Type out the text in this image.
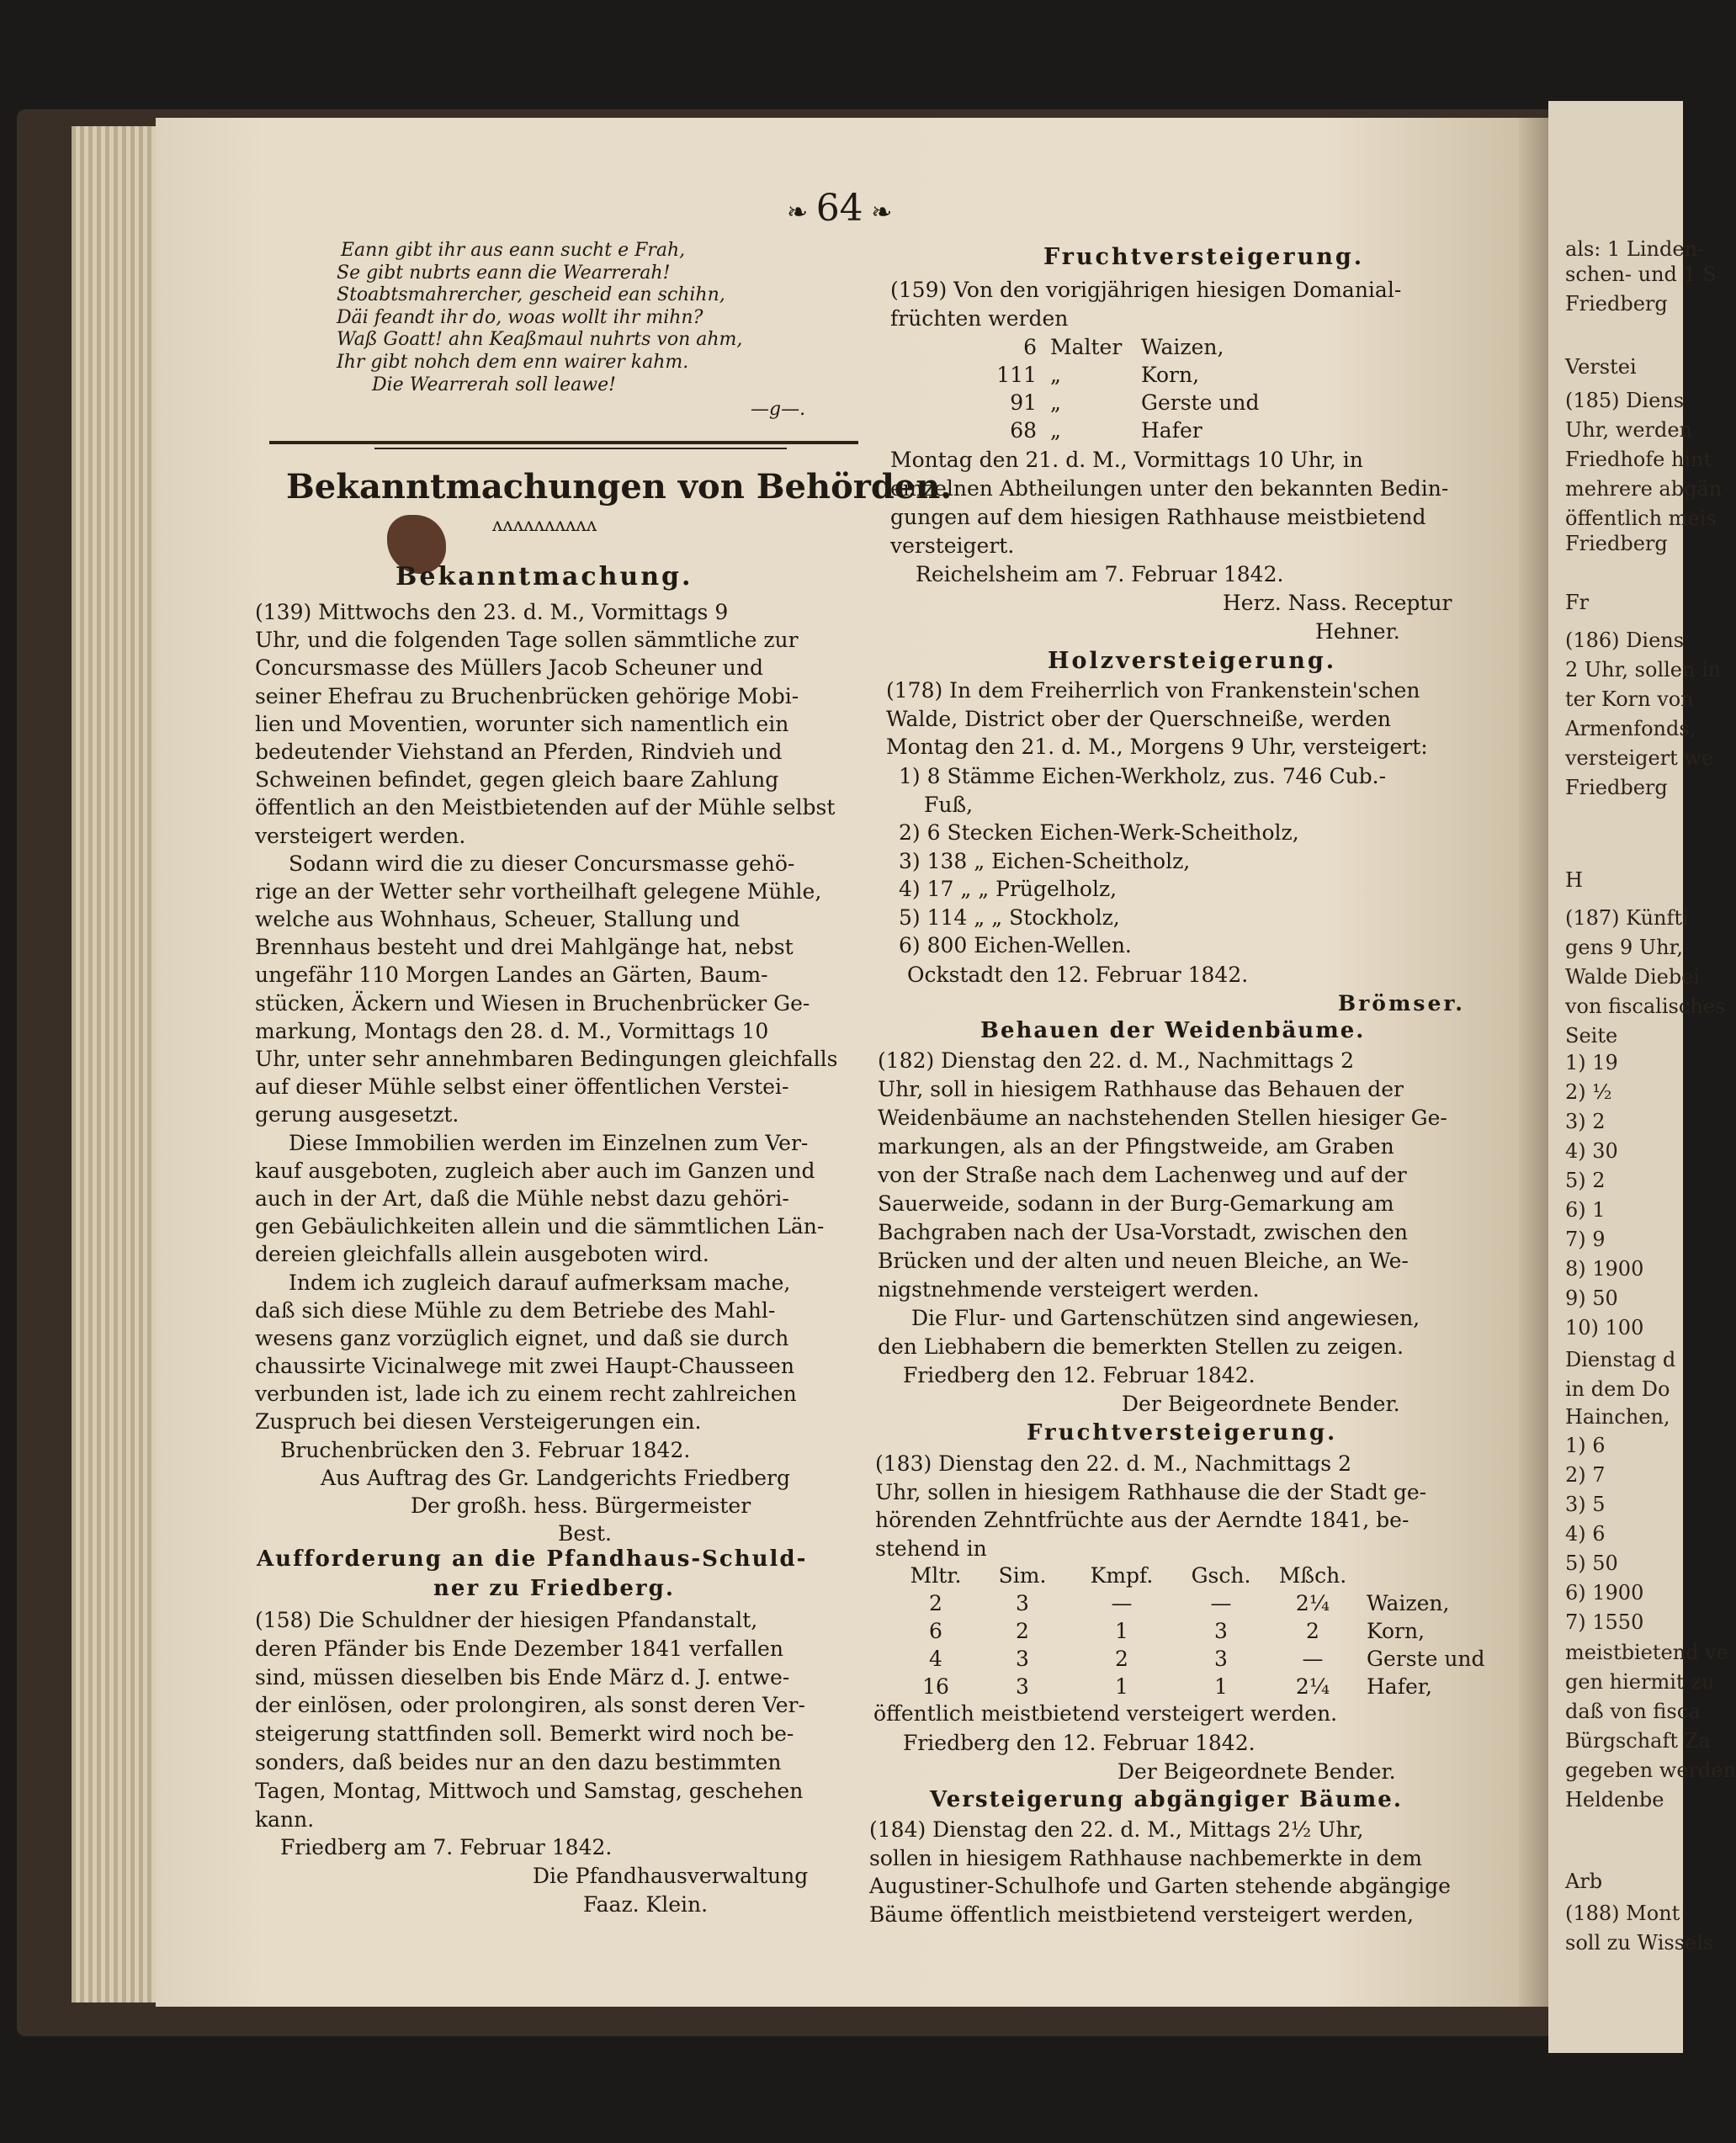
als: 1 Linden-
schen- und 1 S
Friedberg
Verstei
(185) Diens
Uhr, werden
Friedhofe hint
mehrere abgän
öffentlich meis
Friedberg
Fr
(186) Diens
2 Uhr, sollen in
ter Korn von
Armenfonds,
versteigert we
Friedberg
H
(187) Künfti
gens 9 Uhr,
Walde Diebei
von fiscalisches
Seite
1) 19
2) ½
3) 2
4) 30
5) 2
6) 1
7) 9
8) 1900
9) 50
10) 100
Dienstag d
in dem Do
Hainchen,
1) 6
2) 7
3) 5
4) 6
5) 50
6) 1900
7) 1550
meistbietend ve
gen hiermit zu
daß von fisca
Bürgschaft Za
gegeben werden
Heldenbe
Arb
(188) Mont
soll zu Wissels
❧ 64 ❧
Eann gibt ihr aus eann sucht e Frah,
Se gibt nubrts eann die Wearrerah!
Stoabtsmahrercher, gescheid ean schihn,
Däi feandt ihr do, woas wollt ihr mihn?
Waß Goatt! ahn Keaßmaul nuhrts von ahm,
Ihr gibt nohch dem enn wairer kahm.
Die Wearrerah soll leawe!
—g—.
Bekanntmachungen von Behörden.
ʌʌʌʌʌʌʌʌʌʌ
Bekanntmachung.
(139) Mittwochs den 23. d. M., Vormittags 9
Uhr, und die folgenden Tage sollen sämmtliche zur
Concursmasse des Müllers Jacob Scheuner und
seiner Ehefrau zu Bruchenbrücken gehörige Mobi-
lien und Moventien, worunter sich namentlich ein
bedeutender Viehstand an Pferden, Rindvieh und
Schweinen befindet, gegen gleich baare Zahlung
öffentlich an den Meistbietenden auf der Mühle selbst
versteigert werden.
Sodann wird die zu dieser Concursmasse gehö-
rige an der Wetter sehr vortheilhaft gelegene Mühle,
welche aus Wohnhaus, Scheuer, Stallung und
Brennhaus besteht und drei Mahlgänge hat, nebst
ungefähr 110 Morgen Landes an Gärten, Baum-
stücken, Äckern und Wiesen in Bruchenbrücker Ge-
markung, Montags den 28. d. M., Vormittags 10
Uhr, unter sehr annehmbaren Bedingungen gleichfalls
auf dieser Mühle selbst einer öffentlichen Verstei-
gerung ausgesetzt.
Diese Immobilien werden im Einzelnen zum Ver-
kauf ausgeboten, zugleich aber auch im Ganzen und
auch in der Art, daß die Mühle nebst dazu gehöri-
gen Gebäulichkeiten allein und die sämmtlichen Län-
dereien gleichfalls allein ausgeboten wird.
Indem ich zugleich darauf aufmerksam mache,
daß sich diese Mühle zu dem Betriebe des Mahl-
wesens ganz vorzüglich eignet, und daß sie durch
chaussirte Vicinalwege mit zwei Haupt-Chausseen
verbunden ist, lade ich zu einem recht zahlreichen
Zuspruch bei diesen Versteigerungen ein.
Bruchenbrücken den 3. Februar 1842.
Aus Auftrag des Gr. Landgerichts Friedberg
Der großh. hess. Bürgermeister
Best.
Aufforderung an die Pfandhaus-Schuld-
ner zu Friedberg.
(158) Die Schuldner der hiesigen Pfandanstalt,
deren Pfänder bis Ende Dezember 1841 verfallen
sind, müssen dieselben bis Ende März d. J. entwe-
der einlösen, oder prolongiren, als sonst deren Ver-
steigerung stattfinden soll. Bemerkt wird noch be-
sonders, daß beides nur an den dazu bestimmten
Tagen, Montag, Mittwoch und Samstag, geschehen
kann.
Friedberg am 7. Februar 1842.
Die Pfandhausverwaltung
Faaz. Klein.
Fruchtversteigerung.
(159) Von den vorigjährigen hiesigen Domanial-
früchten werden
6 Malter Waizen,
111 „	Korn,
91 „	Gerste und
68 „	Hafer
Montag den 21. d. M., Vormittags 10 Uhr, in
einzelnen Abtheilungen unter den bekannten Bedin-
gungen auf dem hiesigen Rathhause meistbietend
versteigert.
Reichelsheim am 7. Februar 1842.
Herz. Nass. Receptur
Hehner.
Holzversteigerung.
(178) In dem Freiherrlich von Frankenstein'schen
Walde, District ober der Querschneiße, werden
Montag den 21. d. M., Morgens 9 Uhr, versteigert:
1) 8 Stämme Eichen-Werkholz, zus. 746 Cub.-
Fuß,
2) 6 Stecken Eichen-Werk-Scheitholz,
3) 138 „ Eichen-Scheitholz,
4) 17 „ „ Prügelholz,
5) 114 „ „ Stockholz,
6) 800 Eichen-Wellen.
Ockstadt den 12. Februar 1842.
Brömser.
Behauen der Weidenbäume.
(182) Dienstag den 22. d. M., Nachmittags 2
Uhr, soll in hiesigem Rathhause das Behauen der
Weidenbäume an nachstehenden Stellen hiesiger Ge-
markungen, als an der Pfingstweide, am Graben
von der Straße nach dem Lachenweg und auf der
Sauerweide, sodann in der Burg-Gemarkung am
Bachgraben nach der Usa-Vorstadt, zwischen den
Brücken und der alten und neuen Bleiche, an We-
nigstnehmende versteigert werden.
Die Flur- und Gartenschützen sind angewiesen,
den Liebhabern die bemerkten Stellen zu zeigen.
Friedberg den 12. Februar 1842.
Der Beigeordnete Bender.
Fruchtversteigerung.
(183) Dienstag den 22. d. M., Nachmittags 2
Uhr, sollen in hiesigem Rathhause die der Stadt ge-
hörenden Zehntfrüchte aus der Aerndte 1841, be-
stehend in
Mltr. Sim. Kmpf. Gsch. Mßch.
2	3	—	—	2¼ Waizen,
6	2	1	3	2 Korn,
4	3	2	3	— Gerste und
16	3	1	1	2¼ Hafer,
öffentlich meistbietend versteigert werden.
Friedberg den 12. Februar 1842.
Der Beigeordnete Bender.
Versteigerung abgängiger Bäume.
(184) Dienstag den 22. d. M., Mittags 2½ Uhr,
sollen in hiesigem Rathhause nachbemerkte in dem
Augustiner-Schulhofe und Garten stehende abgängige
Bäume öffentlich meistbietend versteigert werden,
